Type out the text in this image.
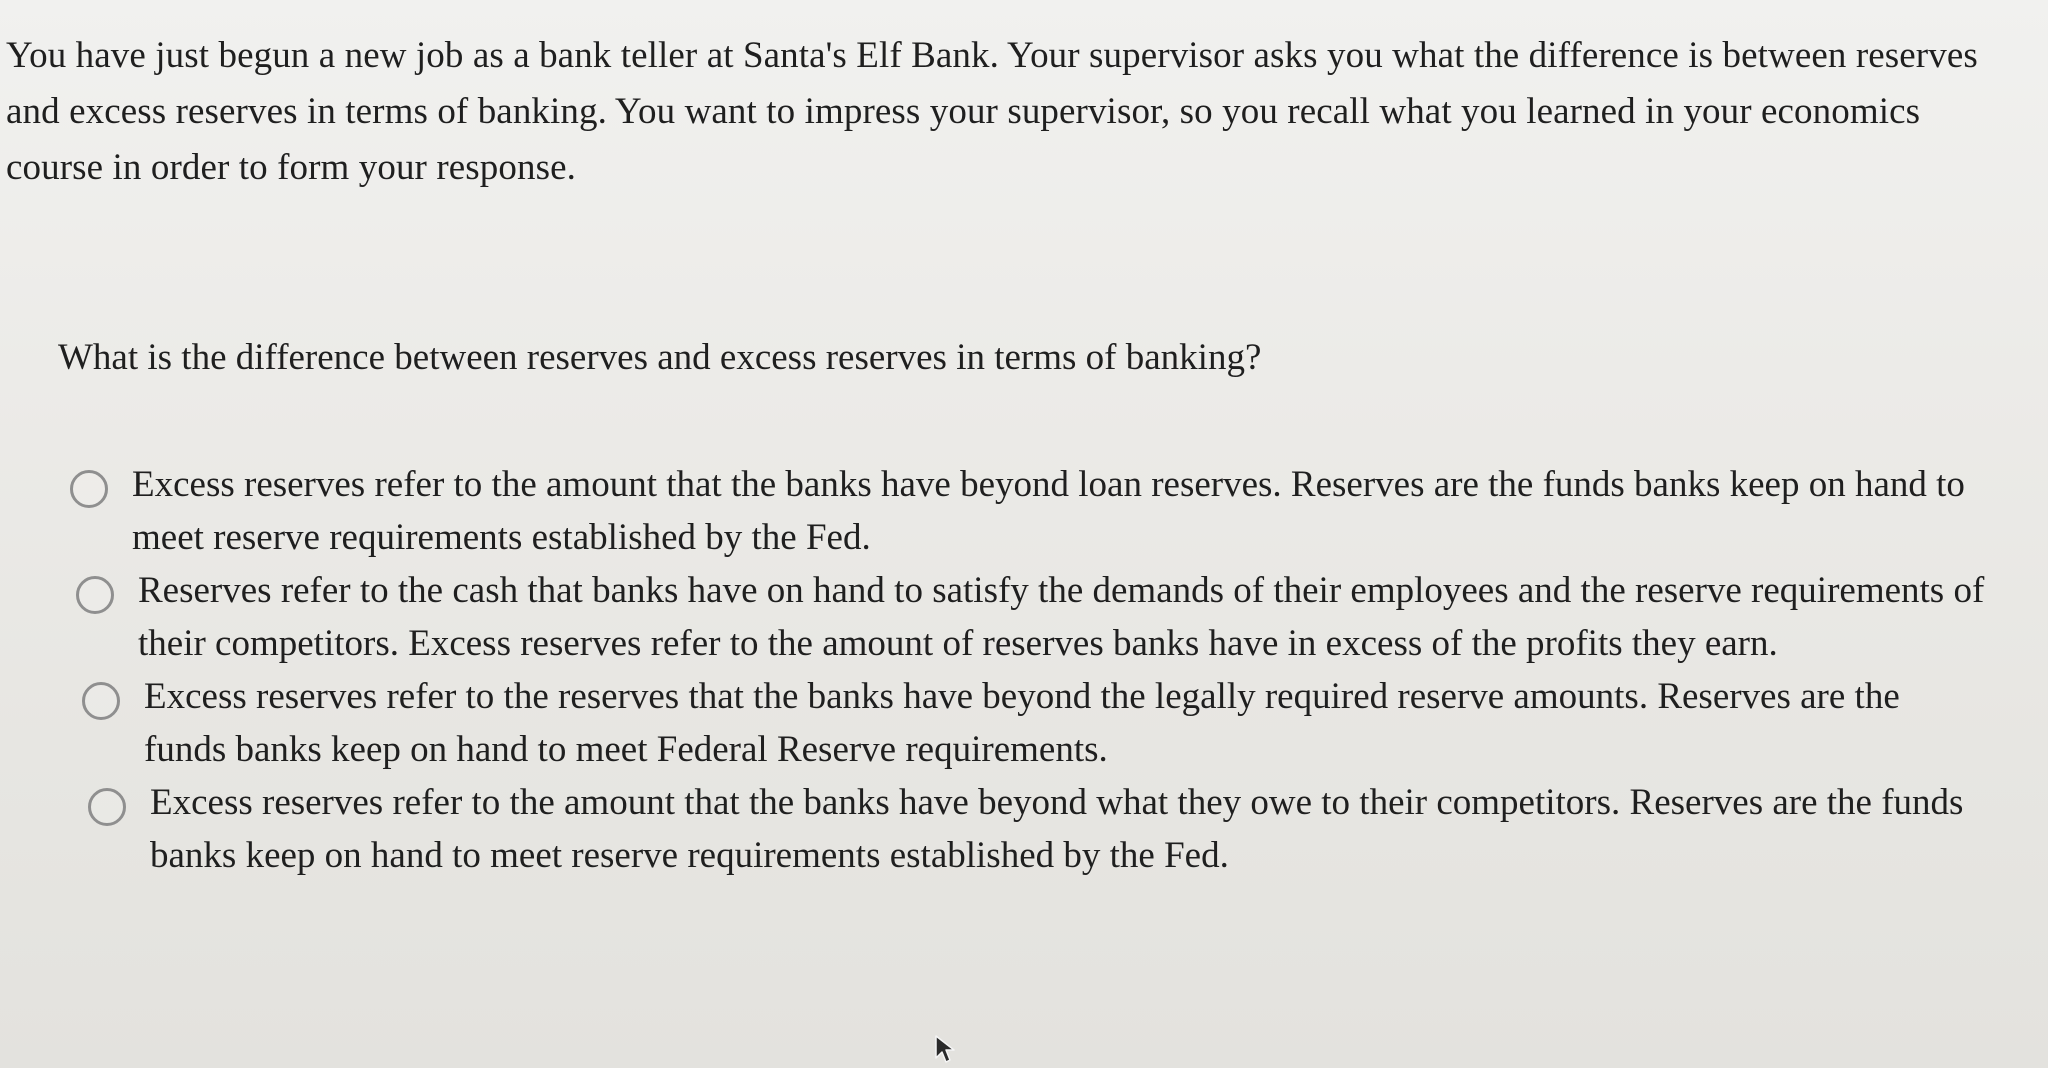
You have just begun a new job as a bank teller at Santa's Elf Bank. Your supervisor asks you what the difference is between reserves and excess reserves in terms of banking. You want to impress your supervisor, so you recall what you learned in your economics course in order to form your response.
What is the difference between reserves and excess reserves in terms of banking?
Excess reserves refer to the amount that the banks have beyond loan reserves. Reserves are the funds banks keep on hand to meet reserve requirements established by the Fed.
Reserves refer to the cash that banks have on hand to satisfy the demands of their employees and the reserve requirements of their competitors. Excess reserves refer to the amount of reserves banks have in excess of the profits they earn.
Excess reserves refer to the reserves that the banks have beyond the legally required reserve amounts. Reserves are the funds banks keep on hand to meet Federal Reserve requirements.
Excess reserves refer to the amount that the banks have beyond what they owe to their competitors. Reserves are the funds banks keep on hand to meet reserve requirements established by the Fed.
